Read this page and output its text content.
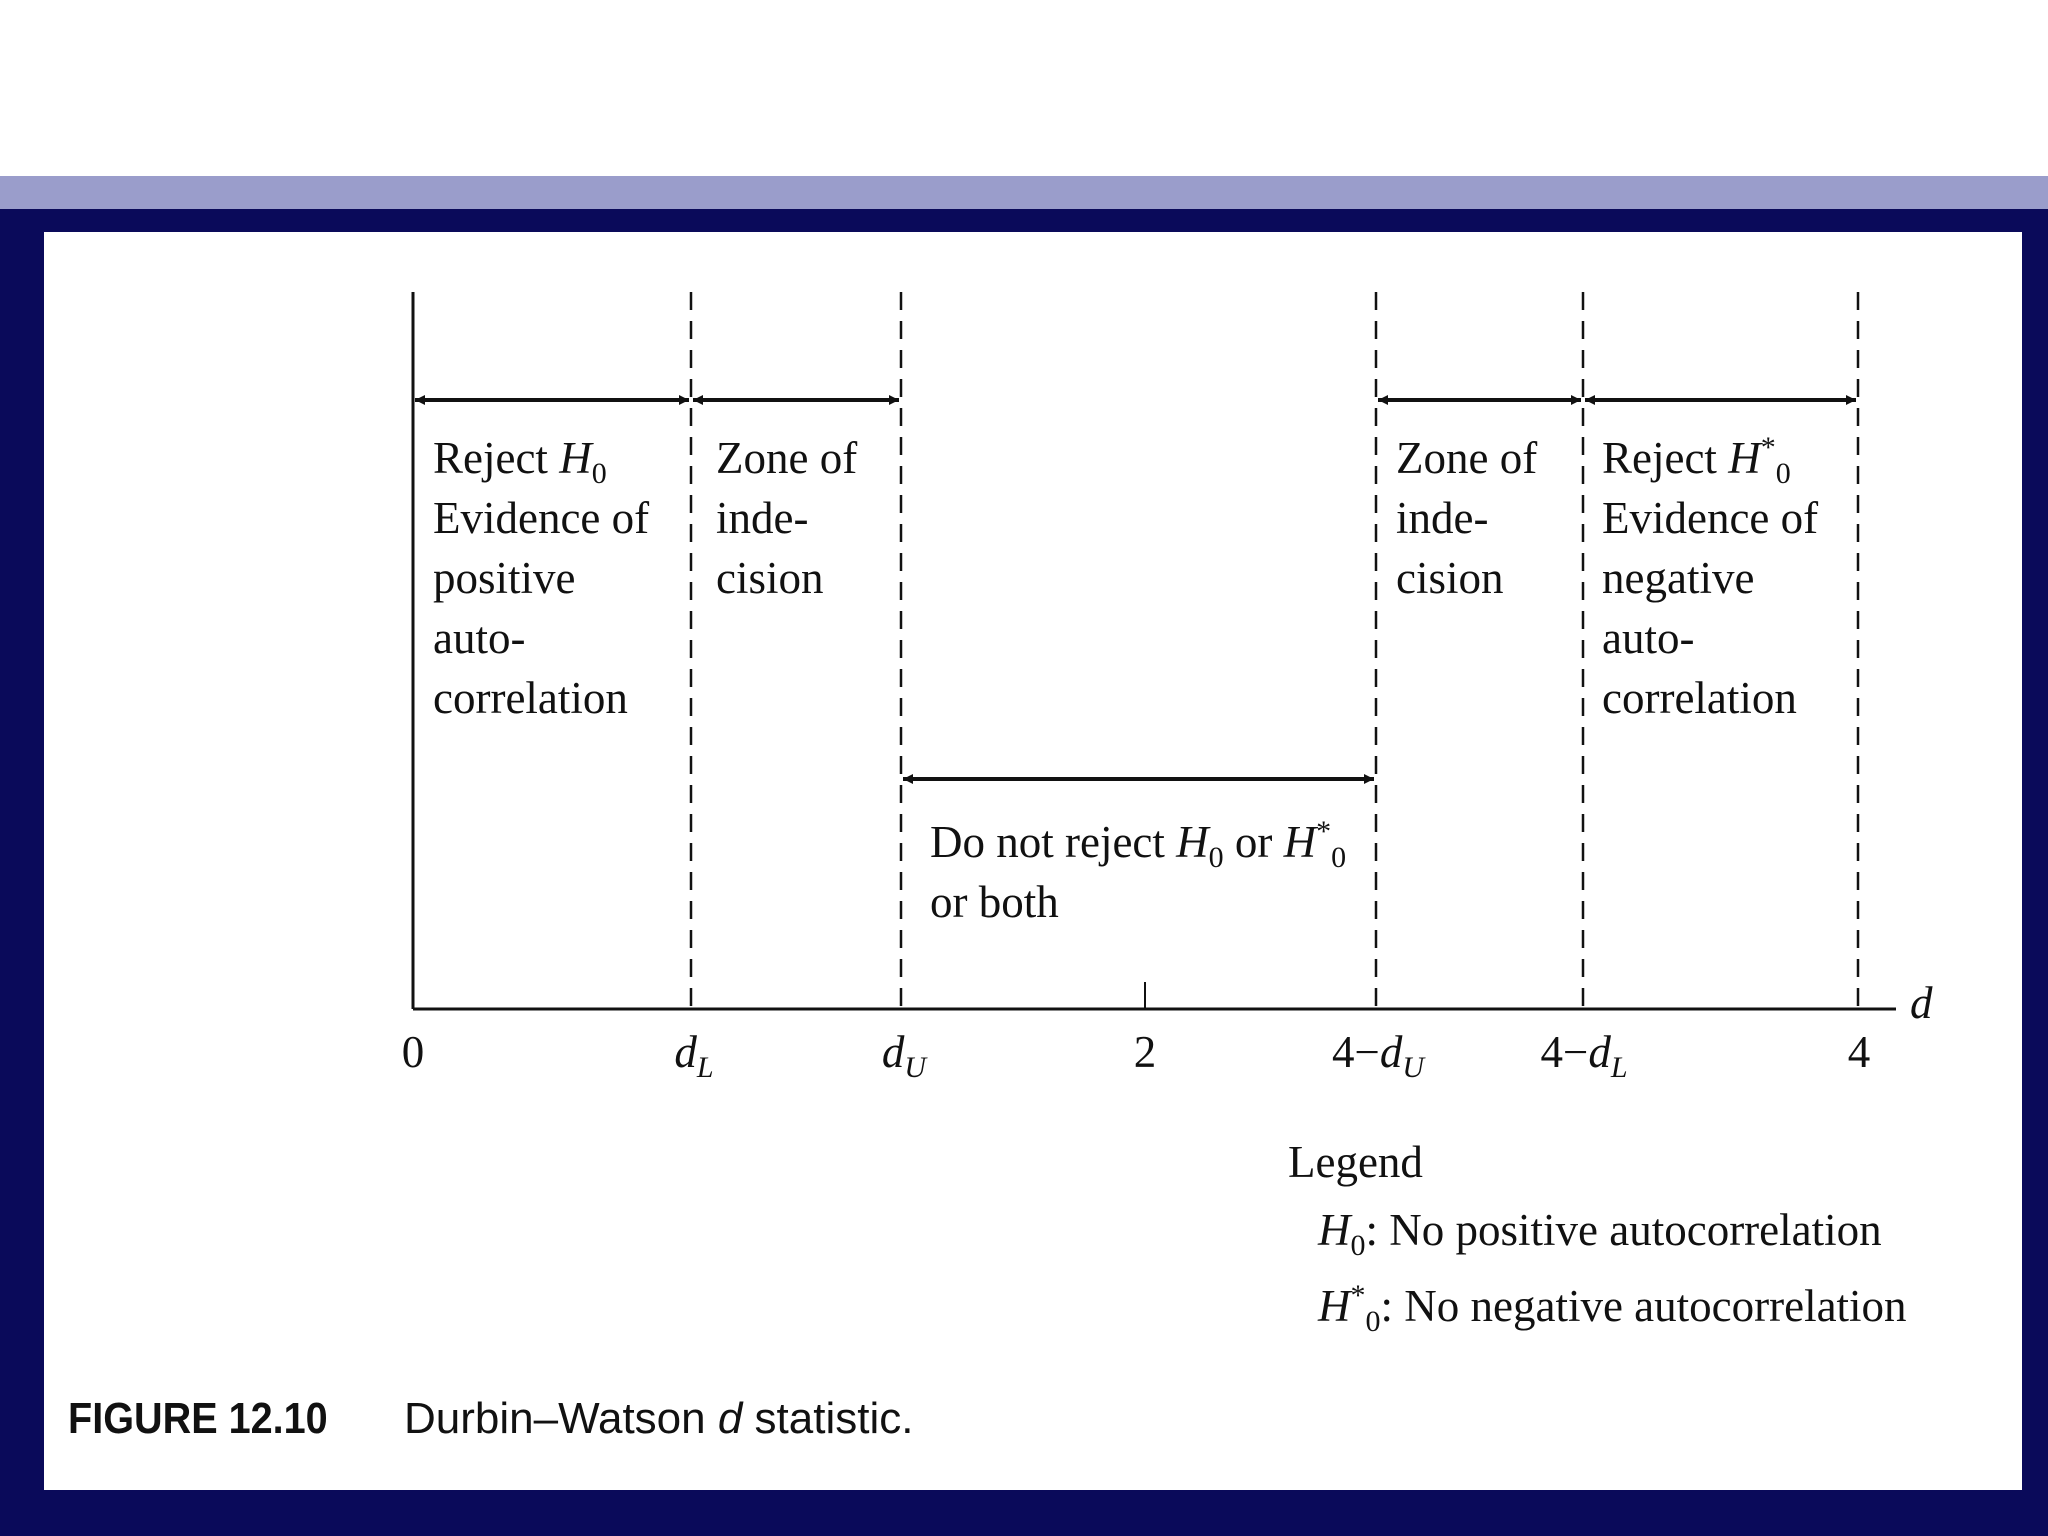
Reject $H_0$
Evidence of
positive
auto-
correlation
Zone of
inde-
cision
Do not reject $H_0$ or $H^*_0$
or both
Zone of
inde-
cision
Reject $H^*_0$
Evidence of
negative
auto-
correlation
0	$d_L$	$d_U$	2	$4-d_U$	$4-d_L$	4
d
Legend
$H_0$: No positive autocorrelation
$H^*_0$: No negative autocorrelation
FIGURE 12.10 Durbin–Watson d statistic.
